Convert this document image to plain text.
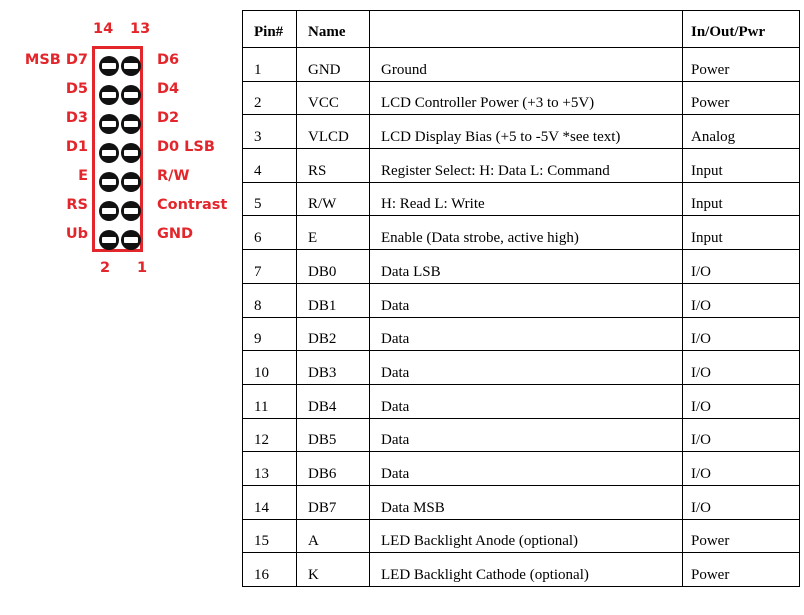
14 13
MSB D7
D5
D3
D1
E
RS
Ub
D6
D4
D2
D0 LSB
R/W
Contrast
GND
2 1
Pin#	Name		In/Out/Pwr
1	GND	Ground	Power
2	VCC	LCD Controller Power (+3 to +5V)	Power
3	VLCD	LCD Display Bias (+5 to -5V *see text)	Analog
4	RS	Register Select: H: Data L: Command	Input
5	R/W	H: Read L: Write	Input
6	E	Enable (Data strobe, active high)	Input
7	DB0	Data LSB	I/O
8	DB1	Data	I/O
9	DB2	Data	I/O
10	DB3	Data	I/O
11	DB4	Data	I/O
12	DB5	Data	I/O
13	DB6	Data	I/O
14	DB7	Data MSB	I/O
15	A	LED Backlight Anode (optional)	Power
16	K	LED Backlight Cathode (optional)	Power
